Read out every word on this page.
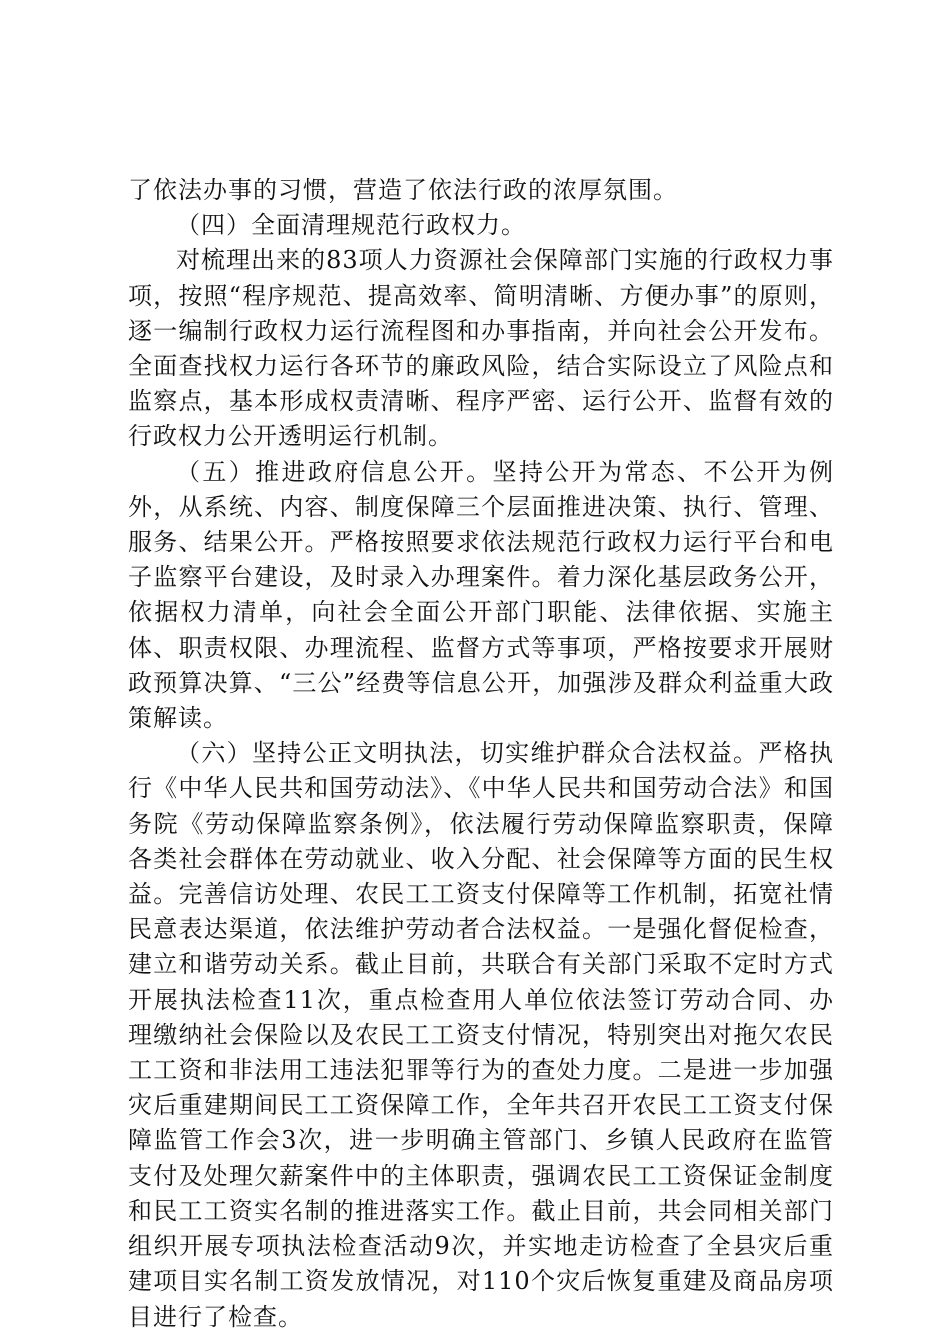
了依法办事的习惯，营造了依法行政的浓厚氛围。

（四）全面清理规范行政权力。

对梳理出来的83项人力资源社会保障部门实施的行政权力事项，按照“程序规范、提高效率、简明清晰、方便办事”的原则，逐一编制行政权力运行流程图和办事指南，并向社会公开发布。全面查找权力运行各环节的廉政风险，结合实际设立了风险点和监察点，基本形成权责清晰、程序严密、运行公开、监督有效的行政权力公开透明运行机制。

（五）推进政府信息公开。坚持公开为常态、不公开为例外，从系统、内容、制度保障三个层面推进决策、执行、管理、服务、结果公开。严格按照要求依法规范行政权力运行平台和电子监察平台建设，及时录入办理案件。着力深化基层政务公开，依据权力清单，向社会全面公开部门职能、法律依据、实施主体、职责权限、办理流程、监督方式等事项，严格按要求开展财政预算决算、“三公”经费等信息公开，加强涉及群众利益重大政策解读。

（六）坚持公正文明执法，切实维护群众合法权益。严格执行《中华人民共和国劳动法》、《中华人民共和国劳动合法》和国务院《劳动保障监察条例》，依法履行劳动保障监察职责，保障各类社会群体在劳动就业、收入分配、社会保障等方面的民生权益。完善信访处理、农民工工资支付保障等工作机制，拓宽社情民意表达渠道，依法维护劳动者合法权益。一是强化督促检查，建立和谐劳动关系。截止目前，共联合有关部门采取不定时方式开展执法检查11次，重点检查用人单位依法签订劳动合同、办理缴纳社会保险以及农民工工资支付情况，特别突出对拖欠农民工工资和非法用工违法犯罪等行为的查处力度。二是进一步加强灾后重建期间民工工资保障工作，全年共召开农民工工资支付保障监管工作会3次，进一步明确主管部门、乡镇人民政府在监管支付及处理欠薪案件中的主体职责，强调农民工工资保证金制度和民工工资实名制的推进落实工作。截止目前，共会同相关部门组织开展专项执法检查活动9次，并实地走访检查了全县灾后重建项目实名制工资发放情况，对110个灾后恢复重建及商品房项目进行了检查。
